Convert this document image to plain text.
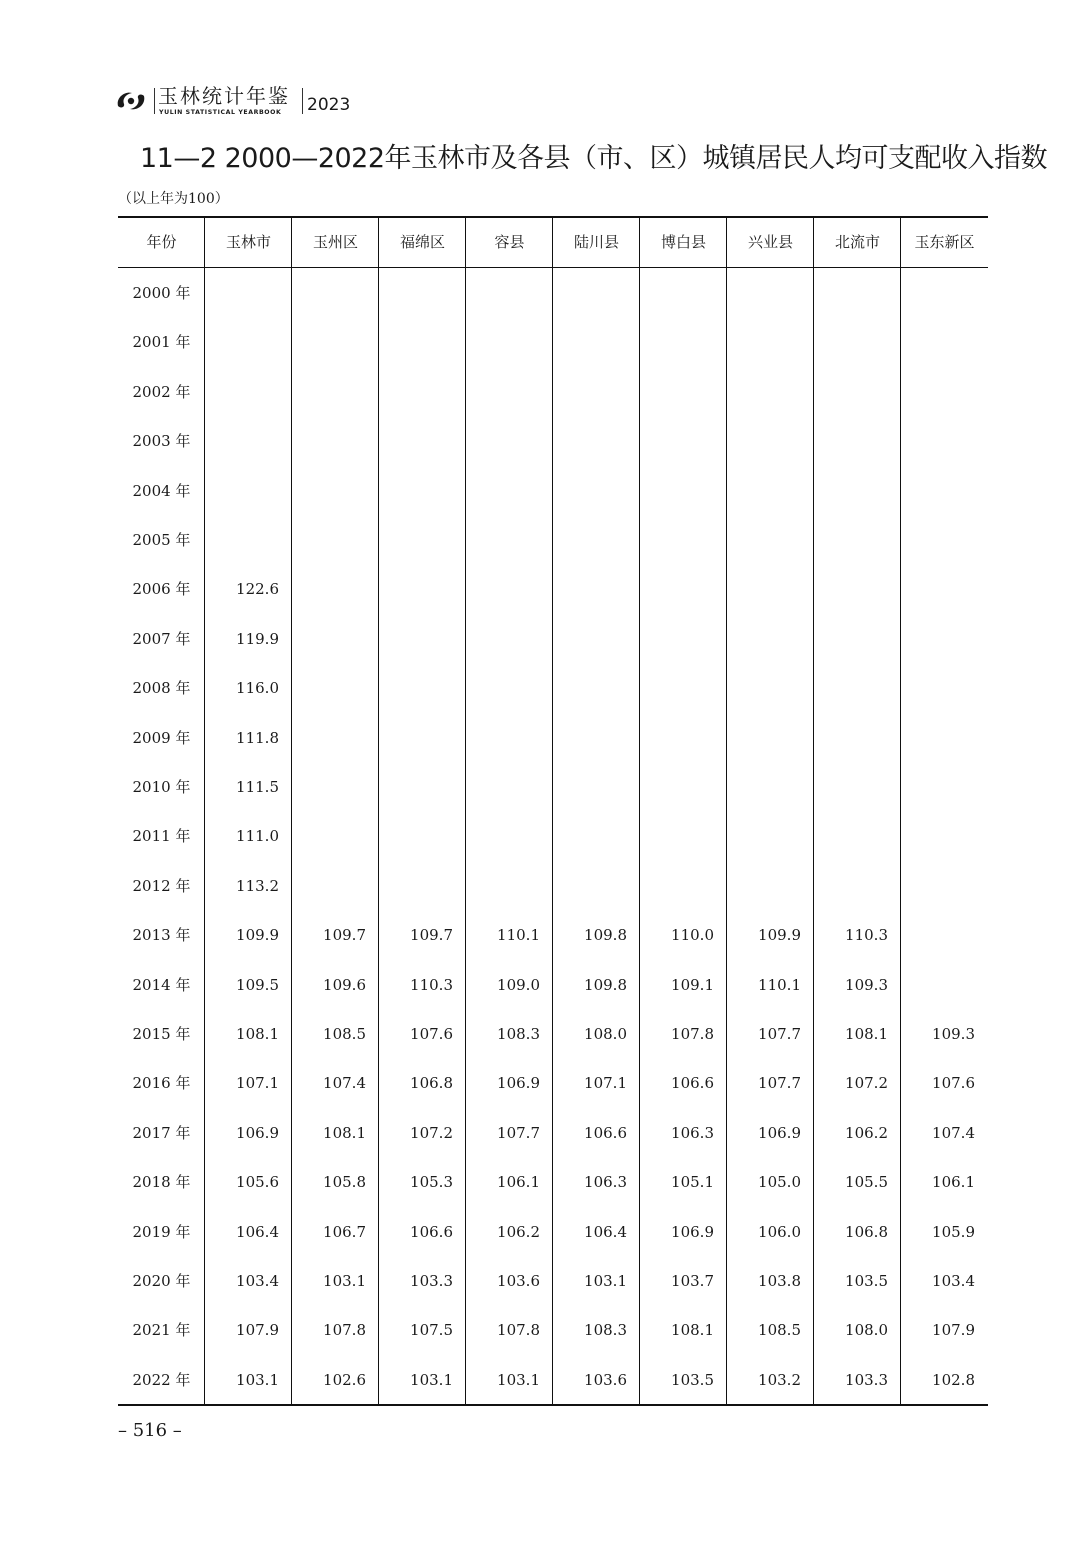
玉林统计年鉴
YULIN STATISTICAL YEARBOOK 2023
11—2 2000—2022年玉林市及各县（市、区）城镇居民人均可支配收入指数
（以上年为100）
年份	玉林市	玉州区	福绵区	容县	陆川县	博白县	兴业县	北流市	玉东新区
2000 年
2001 年
2002 年
2003 年
2004 年
2005 年
2006 年	122.6
2007 年	119.9
2008 年	116.0
2009 年	111.8
2010 年	111.5
2011 年	111.0
2012 年	113.2
2013 年	109.9	109.7	109.7	110.1	109.8	110.0	109.9	110.3
2014 年	109.5	109.6	110.3	109.0	109.8	109.1	110.1	109.3
2015 年	108.1	108.5	107.6	108.3	108.0	107.8	107.7	108.1	109.3
2016 年	107.1	107.4	106.8	106.9	107.1	106.6	107.7	107.2	107.6
2017 年	106.9	108.1	107.2	107.7	106.6	106.3	106.9	106.2	107.4
2018 年	105.6	105.8	105.3	106.1	106.3	105.1	105.0	105.5	106.1
2019 年	106.4	106.7	106.6	106.2	106.4	106.9	106.0	106.8	105.9
2020 年	103.4	103.1	103.3	103.6	103.1	103.7	103.8	103.5	103.4
2021 年	107.9	107.8	107.5	107.8	108.3	108.1	108.5	108.0	107.9
2022 年	103.1	102.6	103.1	103.1	103.6	103.5	103.2	103.3	102.8
– 516 –
